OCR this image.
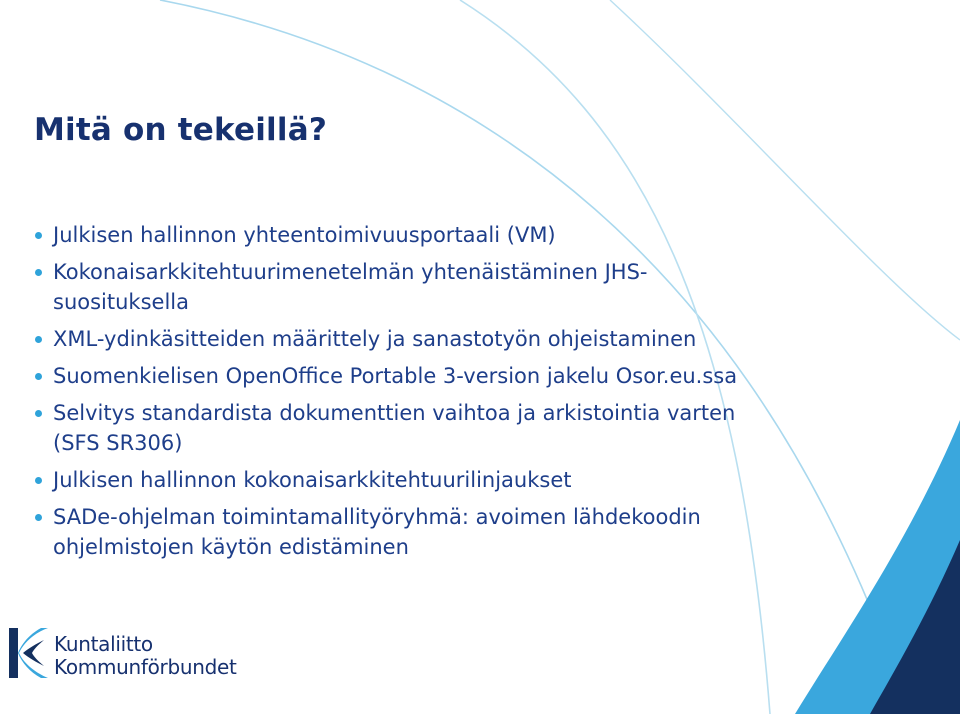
Mitä on tekeillä?
Julkisen hallinnon yhteentoimivuusportaali (VM)
Kokonaisarkkitehtuurimenetelmän yhtenäistäminen JHS-suosituksella
XML-ydinkäsitteiden määrittely ja sanastotyön ohjeistaminen
Suomenkielisen OpenOffice Portable 3-version jakelu Osor.eu.ssa
Selvitys standardista dokumenttien vaihtoa ja arkistointia varten (SFS SR306)
Julkisen hallinnon kokonaisarkkitehtuurilinjaukset
SADe-ohjelman toimintamallityöryhmä: avoimen lähdekoodin ohjelmistojen käytön edistäminen
Kuntaliitto
Kommunförbundet
